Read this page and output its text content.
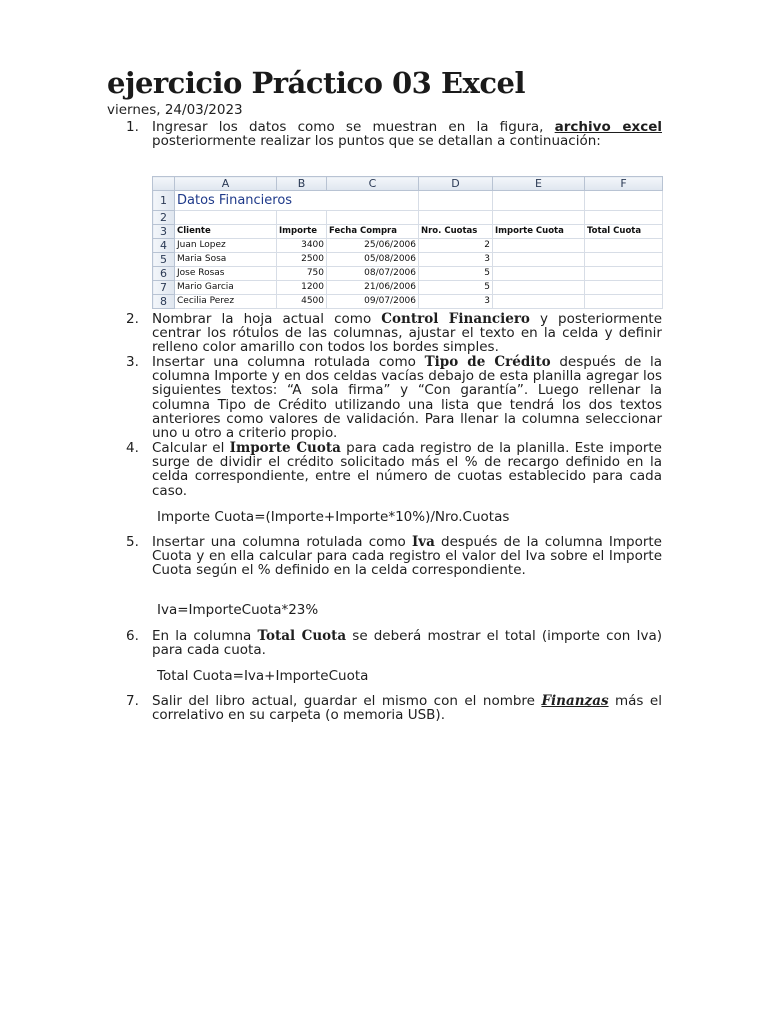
ejercicio Práctico 03 Excel
viernes, 24/03/2023
1. Ingresar los datos como se muestran en la figura, archivo excel posteriormente realizar los puntos que se detallan a continuación:
	A	B	C	D	E	F
1	Datos Financieros					
2						
3	Cliente	Importe	Fecha Compra	Nro. Cuotas	Importe Cuota	Total Cuota
4	Juan Lopez	3400	25/06/2006	2		
5	Maria Sosa	2500	05/08/2006	3		
6	Jose Rosas	750	08/07/2006	5		
7	Mario Garcia	1200	21/06/2006	5		
8	Cecilia Perez	4500	09/07/2006	3		
2. Nombrar la hoja actual como Control Financiero y posteriormente centrar los rótulos de las columnas, ajustar el texto en la celda y definir relleno color amarillo con todos los bordes simples.
3. Insertar una columna rotulada como Tipo de Crédito después de la columna Importe y en dos celdas vacías debajo de esta planilla agregar los siguientes textos: “A sola firma” y “Con garantía”. Luego rellenar la columna Tipo de Crédito utilizando una lista que tendrá los dos textos anteriores como valores de validación. Para llenar la columna seleccionar uno u otro a criterio propio.
4. Calcular el Importe Cuota para cada registro de la planilla. Este importe surge de dividir el crédito solicitado más el % de recargo definido en la celda correspondiente, entre el número de cuotas establecido para cada caso.
Importe Cuota=(Importe+Importe*10%)/Nro.Cuotas
5. Insertar una columna rotulada como Iva después de la columna Importe Cuota y en ella calcular para cada registro el valor del Iva sobre el Importe Cuota según el % definido en la celda correspondiente.
Iva=ImporteCuota*23%
6. En la columna Total Cuota se deberá mostrar el total (importe con Iva) para cada cuota.
Total Cuota=Iva+ImporteCuota
7. Salir del libro actual, guardar el mismo con el nombre Finanzas más el correlativo en su carpeta (o memoria USB).
